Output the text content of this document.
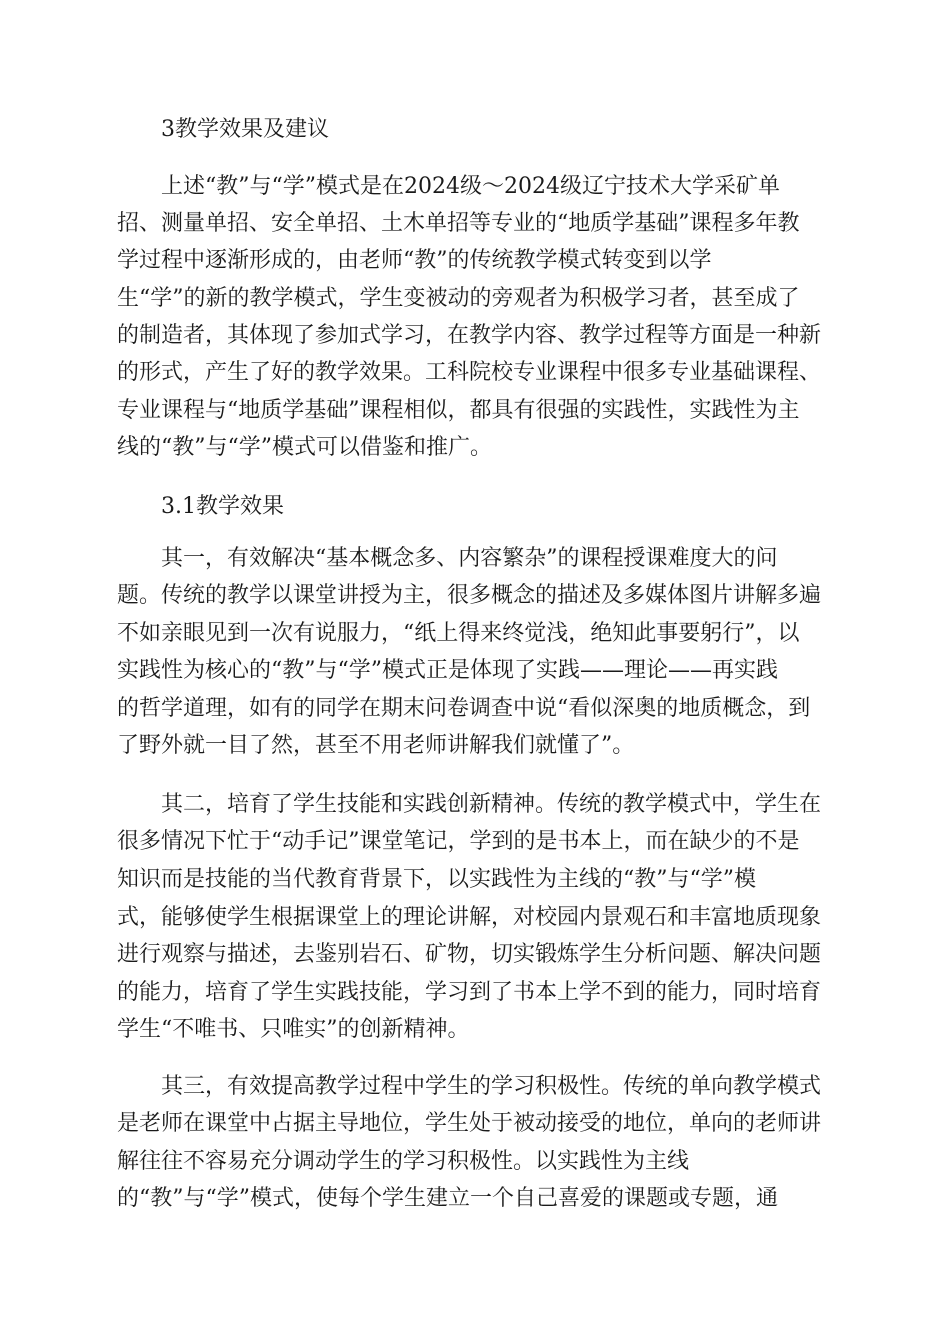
3教学效果及建议
上述“教”与“学”模式是在2024级～2024级辽宁技术大学采矿单
招、测量单招、安全单招、土木单招等专业的“地质学基础”课程多年教
学过程中逐渐形成的，由老师“教”的传统教学模式转变到以学
生“学”的新的教学模式，学生变被动的旁观者为积极学习者，甚至成了
的制造者，其体现了参加式学习，在教学内容、教学过程等方面是一种新
的形式，产生了好的教学效果。工科院校专业课程中很多专业基础课程、
专业课程与“地质学基础”课程相似，都具有很强的实践性，实践性为主
线的“教”与“学”模式可以借鉴和推广。
3.1教学效果
其一，有效解决“基本概念多、内容繁杂”的课程授课难度大的问
题。传统的教学以课堂讲授为主，很多概念的描述及多媒体图片讲解多遍
不如亲眼见到一次有说服力，“纸上得来终觉浅，绝知此事要躬行”，以
实践性为核心的“教”与“学”模式正是体现了实践——理论——再实践
的哲学道理，如有的同学在期末问卷调查中说“看似深奥的地质概念，到
了野外就一目了然，甚至不用老师讲解我们就懂了”。
其二，培育了学生技能和实践创新精神。传统的教学模式中，学生在
很多情况下忙于“动手记”课堂笔记，学到的是书本上，而在缺少的不是
知识而是技能的当代教育背景下，以实践性为主线的“教”与“学”模
式，能够使学生根据课堂上的理论讲解，对校园内景观石和丰富地质现象
进行观察与描述，去鉴别岩石、矿物，切实锻炼学生分析问题、解决问题
的能力，培育了学生实践技能，学习到了书本上学不到的能力，同时培育
学生“不唯书、只唯实”的创新精神。
其三，有效提高教学过程中学生的学习积极性。传统的单向教学模式
是老师在课堂中占据主导地位，学生处于被动接受的地位，单向的老师讲
解往往不容易充分调动学生的学习积极性。以实践性为主线
的“教”与“学”模式，使每个学生建立一个自己喜爱的课题或专题，通
